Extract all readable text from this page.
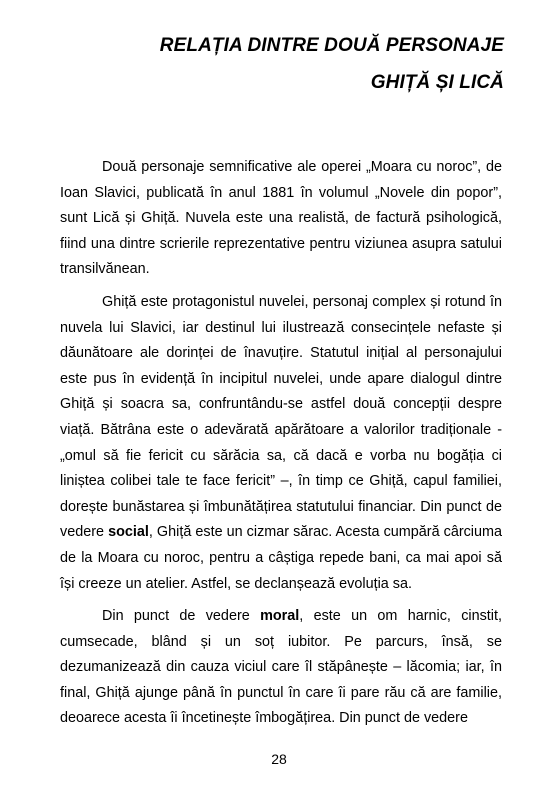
RELAȚIA DINTRE DOUĂ PERSONAJE
GHIȚĂ ȘI LICĂ

Două personaje semnificative ale operei „Moara cu noroc”, de Ioan Slavici, publicată în anul 1881 în volumul „Novele din popor”, sunt Lică și Ghiță. Nuvela este una realistă, de factură psihologică, fiind una dintre scrierile reprezentative pentru viziunea asupra satului transilvănean.

Ghiță este protagonistul nuvelei, personaj complex și rotund în nuvela lui Slavici, iar destinul lui ilustrează consecințele nefaste și dăunătoare ale dorinței de înavuțire. Statutul inițial al personajului este pus în evidență în incipitul nuvelei, unde apare dialogul dintre Ghiță și soacra sa, confruntându-se astfel două concepții despre viață. Bătrâna este o adevărată apărătoare a valorilor tradiționale - „omul să fie fericit cu sărăcia sa, că dacă e vorba nu bogăția ci liniștea colibei tale te face fericit” –, în timp ce Ghiță, capul familiei, dorește bunăstarea și îmbunătățirea statutului financiar. Din punct de vedere social, Ghiță este un cizmar sărac. Acesta cumpără cârciuma de la Moara cu noroc, pentru a câștiga repede bani, ca mai apoi să își creeze un atelier. Astfel, se declanșează evoluția sa.

Din punct de vedere moral, este un om harnic, cinstit, cumsecade, blând și un soț iubitor. Pe parcurs, însă, se dezumanizează din cauza viciul care îl stăpânește – lăcomia; iar, în final, Ghiță ajunge până în punctul în care îi pare rău că are familie, deoarece acesta îi încetinește îmbogățirea. Din punct de vedere

28
